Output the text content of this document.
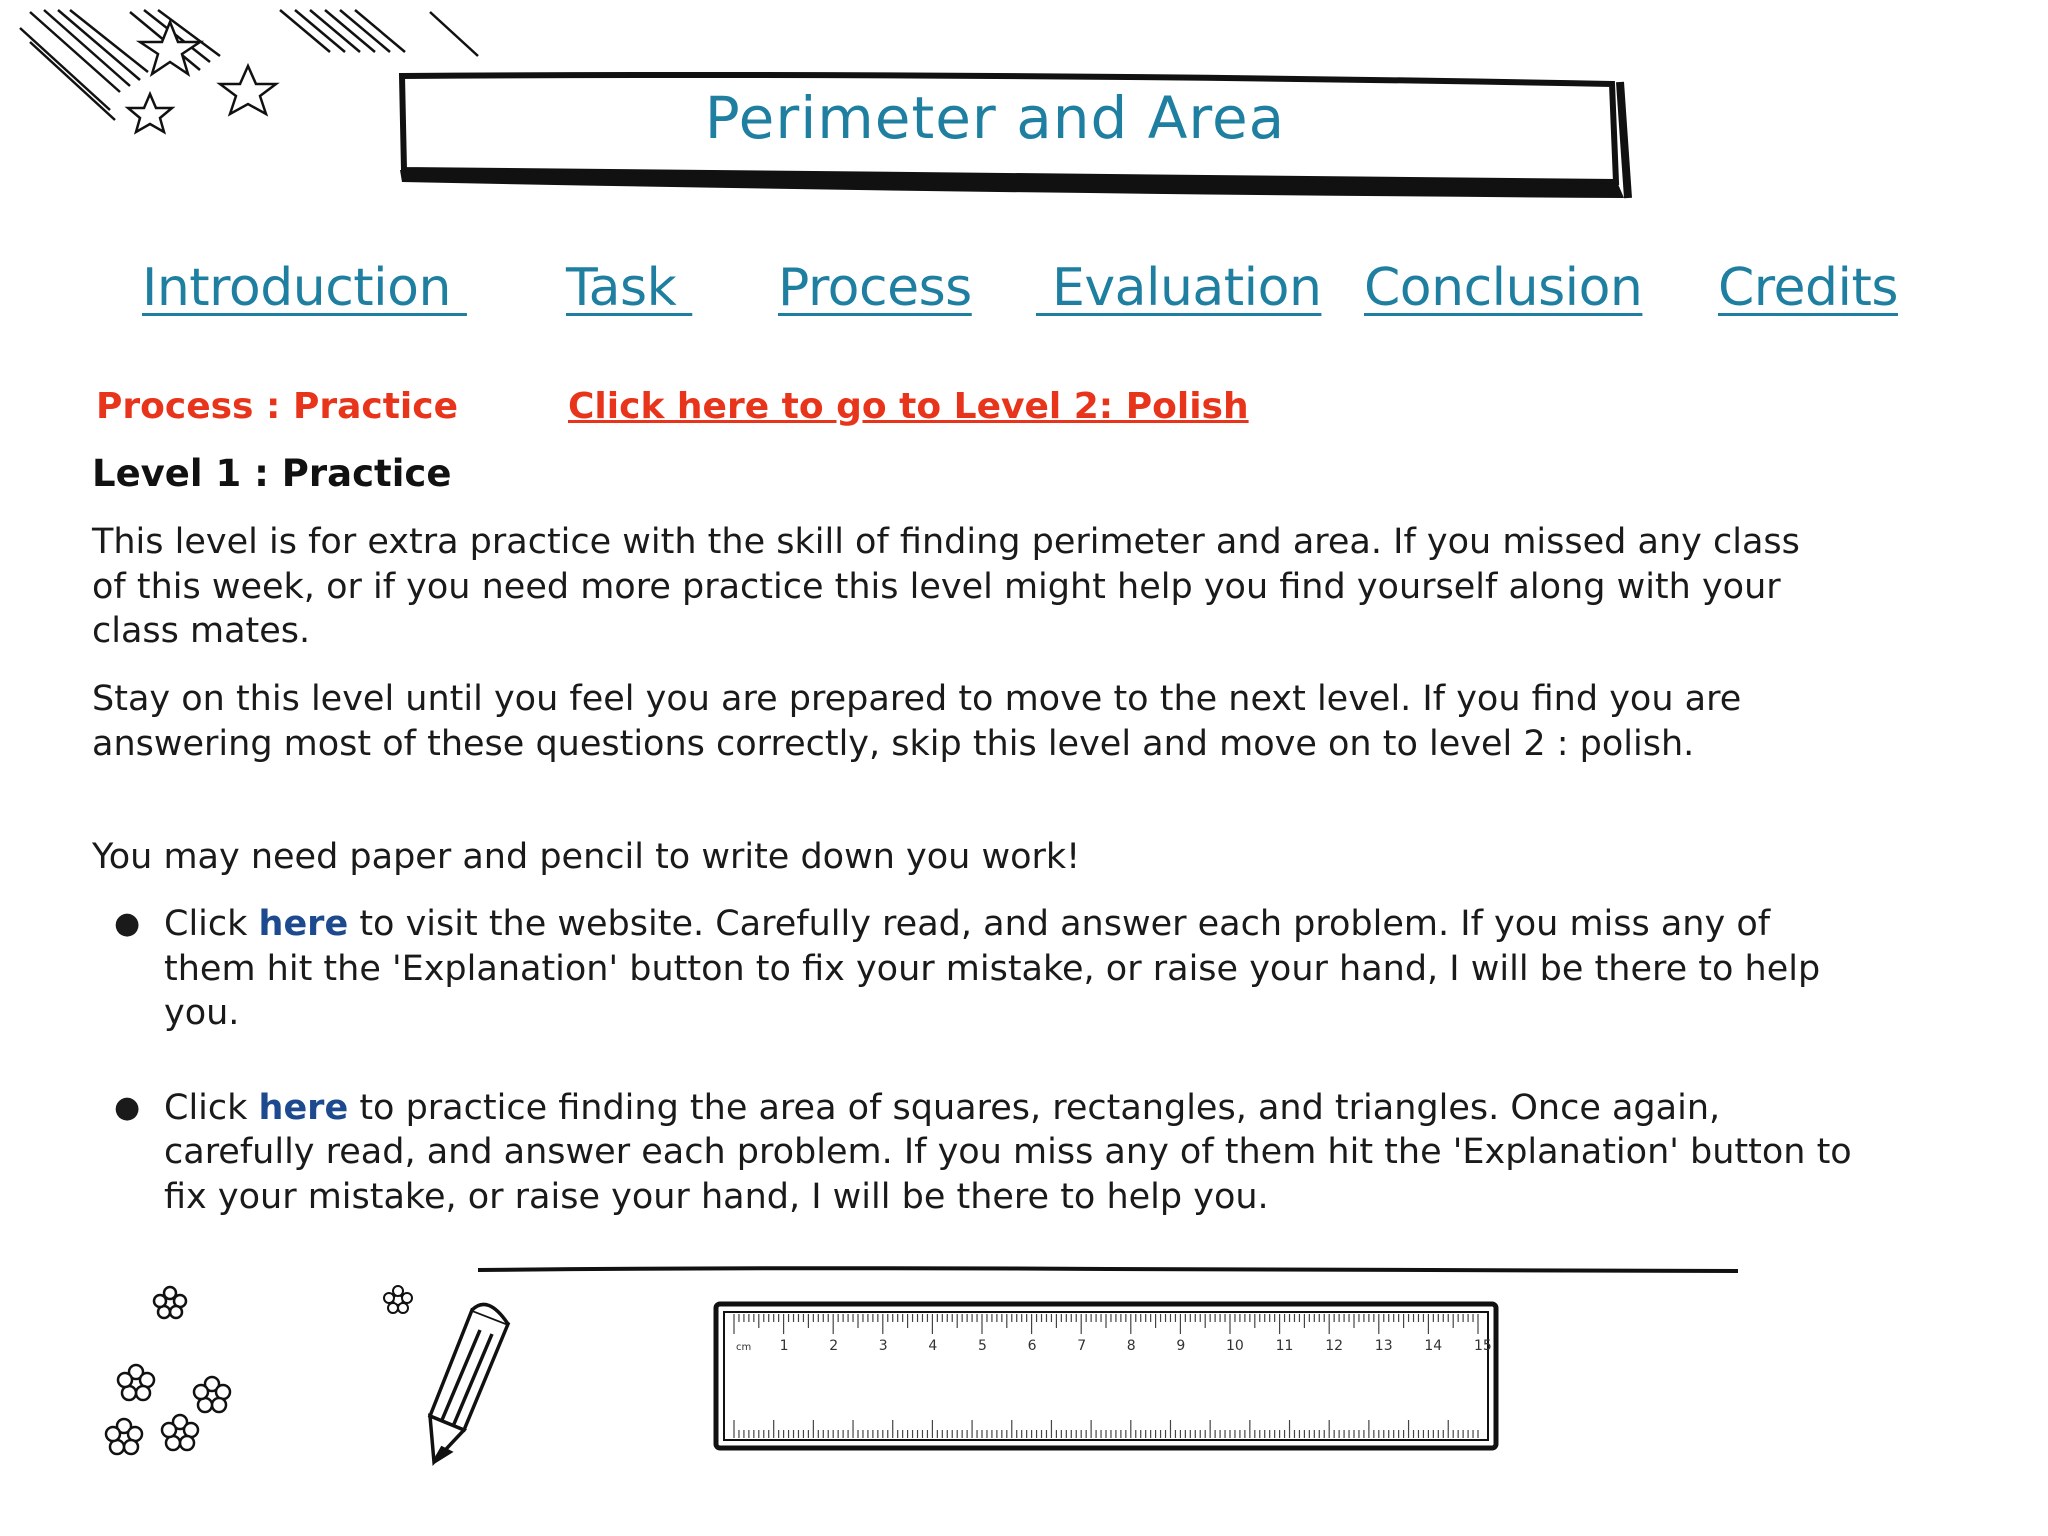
Perimeter and Area
Introduction Task Process Evaluation Conclusion Credits
Process : Practice	Click here to go to Level 2: Polish
Level 1 : Practice

This level is for extra practice with the skill of finding perimeter and area. If you missed any class of this week, or if you need more practice this level might help you find yourself along with your class mates.

Stay on this level until you feel you are prepared to move to the next level. If you find you are answering most of these questions correctly, skip this level and move on to level 2 : polish.

You may need paper and pencil to write down you work!

● Click here to visit the website. Carefully read, and answer each problem. If you miss any of them hit the 'Explanation' button to fix your mistake, or raise your hand, I will be there to help you.
● Click here to practice finding the area of squares, rectangles, and triangles. Once again, carefully read, and answer each problem. If you miss any of them hit the 'Explanation' button to fix your mistake, or raise your hand, I will be there to help you.
1	2	3	4	5	6	7	8	9	10 11 12 13 14 15
cm
